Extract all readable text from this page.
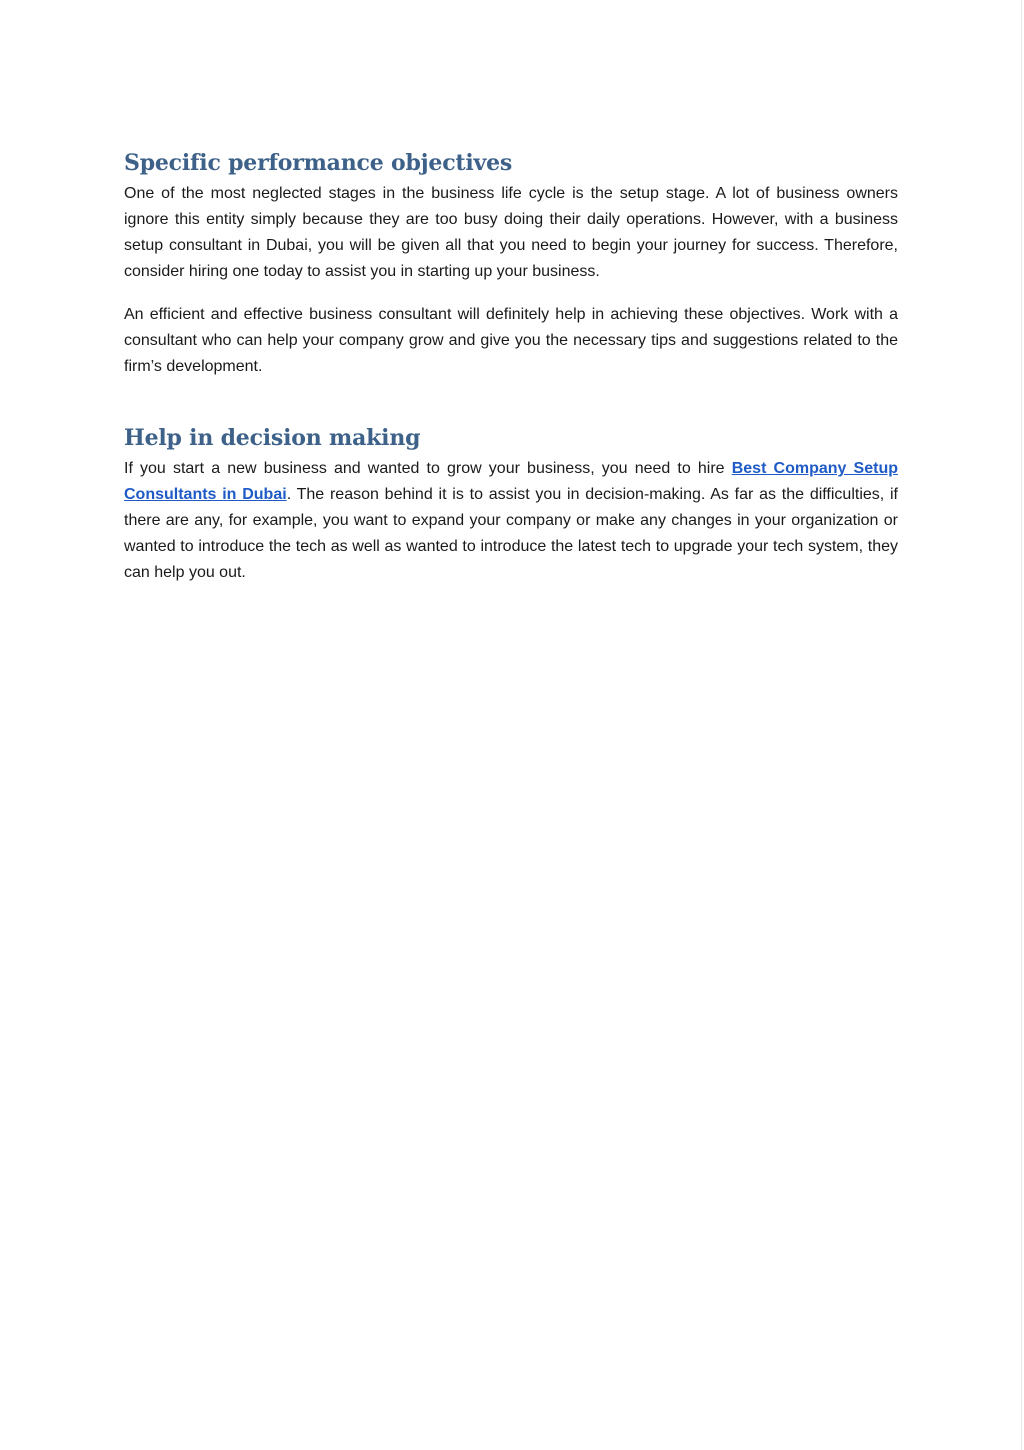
Specific performance objectives

One of the most neglected stages in the business life cycle is the setup stage. A lot of business owners ignore this entity simply because they are too busy doing their daily operations. However, with a business setup consultant in Dubai, you will be given all that you need to begin your journey for success. Therefore, consider hiring one today to assist you in starting up your business.

An efficient and effective business consultant will definitely help in achieving these objectives. Work with a consultant who can help your company grow and give you the necessary tips and suggestions related to the firm’s development.

Help in decision making

If you start a new business and wanted to grow your business, you need to hire Best Company Setup Consultants in Dubai. The reason behind it is to assist you in decision-making. As far as the difficulties, if there are any, for example, you want to expand your company or make any changes in your organization or wanted to introduce the tech as well as wanted to introduce the latest tech to upgrade your tech system, they can help you out.
